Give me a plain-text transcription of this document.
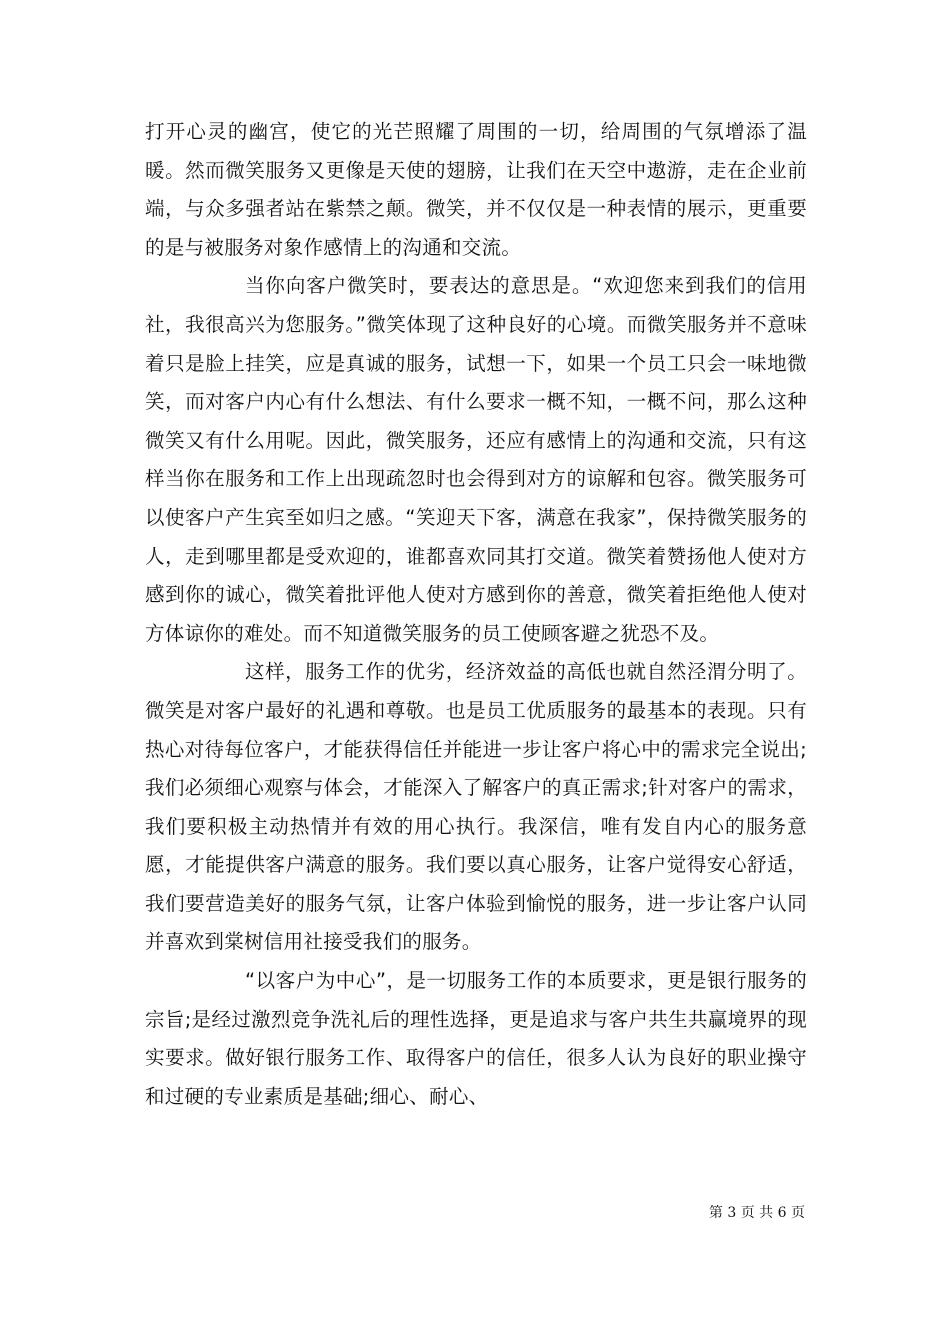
打开心灵的幽宫，使它的光芒照耀了周围的一切，给周围的气氛增添了温暖。然而微笑服务又更像是天使的翅膀，让我们在天空中遨游，走在企业前端，与众多强者站在紫禁之颠。微笑，并不仅仅是一种表情的展示，更重要的是与被服务对象作感情上的沟通和交流。

当你向客户微笑时，要表达的意思是。“欢迎您来到我们的信用社，我很高兴为您服务。”微笑体现了这种良好的心境。而微笑服务并不意味着只是脸上挂笑，应是真诚的服务，试想一下，如果一个员工只会一味地微笑，而对客户内心有什么想法、有什么要求一概不知，一概不问，那么这种微笑又有什么用呢。因此，微笑服务，还应有感情上的沟通和交流，只有这样当你在服务和工作上出现疏忽时也会得到对方的谅解和包容。微笑服务可以使客户产生宾至如归之感。“笑迎天下客，满意在我家”，保持微笑服务的人，走到哪里都是受欢迎的，谁都喜欢同其打交道。微笑着赞扬他人使对方感到你的诚心，微笑着批评他人使对方感到你的善意，微笑着拒绝他人使对方体谅你的难处。而不知道微笑服务的员工使顾客避之犹恐不及。

这样，服务工作的优劣，经济效益的高低也就自然泾渭分明了。微笑是对客户最好的礼遇和尊敬。也是员工优质服务的最基本的表现。只有热心对待每位客户，才能获得信任并能进一步让客户将心中的需求完全说出;我们必须细心观察与体会，才能深入了解客户的真正需求;针对客户的需求，我们要积极主动热情并有效的用心执行。我深信，唯有发自内心的服务意愿，才能提供客户满意的服务。我们要以真心服务，让客户觉得安心舒适，我们要营造美好的服务气氛，让客户体验到愉悦的服务，进一步让客户认同并喜欢到棠树信用社接受我们的服务。

“以客户为中心”，是一切服务工作的本质要求，更是银行服务的宗旨;是经过激烈竞争洗礼后的理性选择，更是追求与客户共生共赢境界的现实要求。做好银行服务工作、取得客户的信任，很多人认为良好的职业操守和过硬的专业素质是基础;细心、耐心、

第 3 页 共 6 页
